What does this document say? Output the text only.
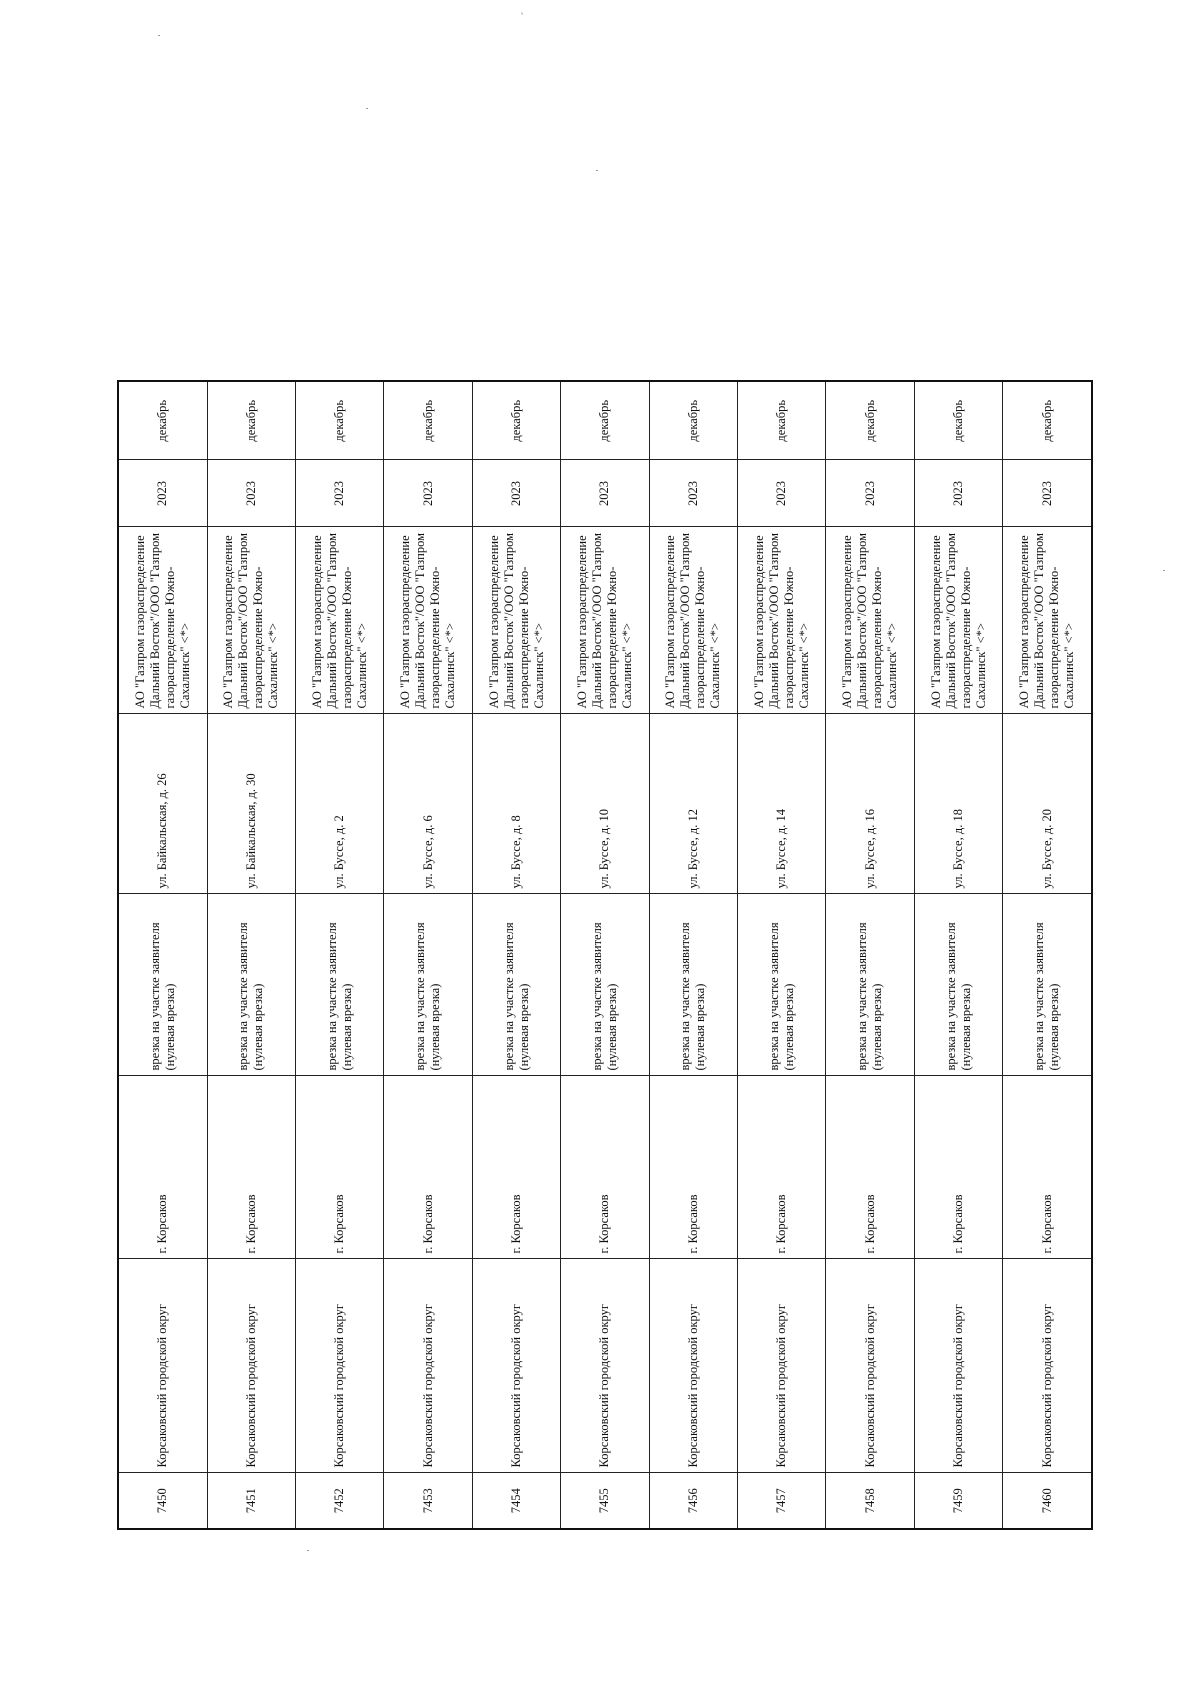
7450	Корсаковский городской округ	г. Корсаков	врезка на участке заявителя (нулевая врезка)	ул. Байкальская, д. 26	АО "Газпром газораспределение Дальний Восток"/ООО "Газпром газораспределение Южно-Сахалинск" <*>	2023	декабрь
7451	Корсаковский городской округ	г. Корсаков	врезка на участке заявителя (нулевая врезка)	ул. Байкальская, д. 30	АО "Газпром газораспределение Дальний Восток"/ООО "Газпром газораспределение Южно-Сахалинск" <*>	2023	декабрь
7452	Корсаковский городской округ	г. Корсаков	врезка на участке заявителя (нулевая врезка)	ул. Буссе, д. 2	АО "Газпром газораспределение Дальний Восток"/ООО "Газпром газораспределение Южно-Сахалинск" <*>	2023	декабрь
7453	Корсаковский городской округ	г. Корсаков	врезка на участке заявителя (нулевая врезка)	ул. Буссе, д. 6	АО "Газпром газораспределение Дальний Восток"/ООО "Газпром газораспределение Южно-Сахалинск" <*>	2023	декабрь
7454	Корсаковский городской округ	г. Корсаков	врезка на участке заявителя (нулевая врезка)	ул. Буссе, д. 8	АО "Газпром газораспределение Дальний Восток"/ООО "Газпром газораспределение Южно-Сахалинск" <*>	2023	декабрь
7455	Корсаковский городской округ	г. Корсаков	врезка на участке заявителя (нулевая врезка)	ул. Буссе, д. 10	АО "Газпром газораспределение Дальний Восток"/ООО "Газпром газораспределение Южно-Сахалинск" <*>	2023	декабрь
7456	Корсаковский городской округ	г. Корсаков	врезка на участке заявителя (нулевая врезка)	ул. Буссе, д. 12	АО "Газпром газораспределение Дальний Восток"/ООО "Газпром газораспределение Южно-Сахалинск" <*>	2023	декабрь
7457	Корсаковский городской округ	г. Корсаков	врезка на участке заявителя (нулевая врезка)	ул. Буссе, д. 14	АО "Газпром газораспределение Дальний Восток"/ООО "Газпром газораспределение Южно-Сахалинск" <*>	2023	декабрь
7458	Корсаковский городской округ	г. Корсаков	врезка на участке заявителя (нулевая врезка)	ул. Буссе, д. 16	АО "Газпром газораспределение Дальний Восток"/ООО "Газпром газораспределение Южно-Сахалинск" <*>	2023	декабрь
7459	Корсаковский городской округ	г. Корсаков	врезка на участке заявителя (нулевая врезка)	ул. Буссе, д. 18	АО "Газпром газораспределение Дальний Восток"/ООО "Газпром газораспределение Южно-Сахалинск" <*>	2023	декабрь
7460	Корсаковский городской округ	г. Корсаков	врезка на участке заявителя (нулевая врезка)	ул. Буссе, д. 20	АО "Газпром газораспределение Дальний Восток"/ООО "Газпром газораспределение Южно-Сахалинск" <*>	2023	декабрь
